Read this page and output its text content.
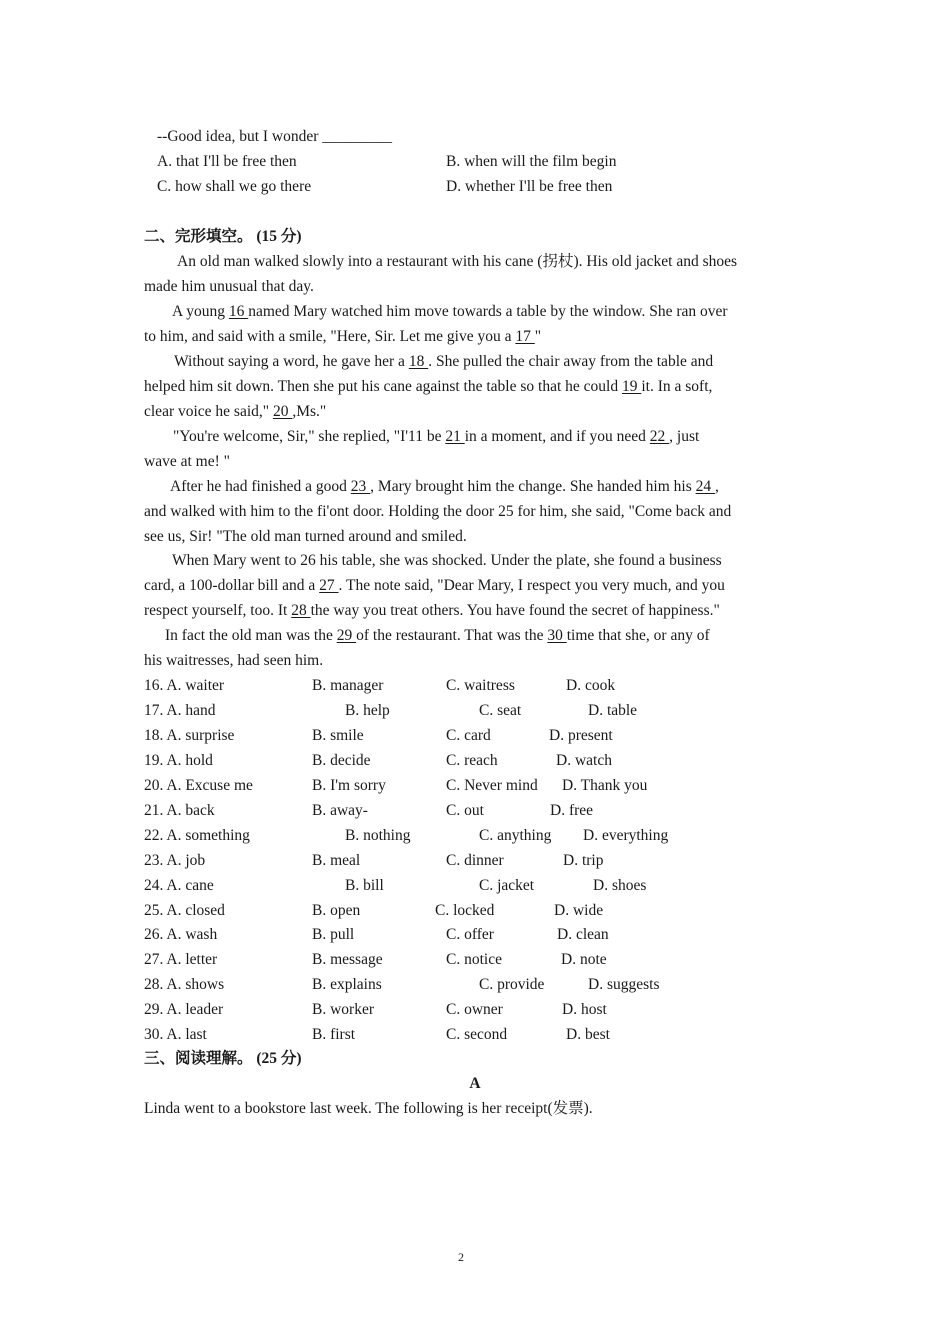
--Good idea, but I wonder _________
A. that I'll be free then	B. when will the film begin
C. how shall we go there	D. whether I'll be free then
二、完形填空。 (15 分)
An old man walked slowly into a restaurant with his cane (拐杖). His old jacket and shoes
made him unusual that day.
A young 16 named Mary watched him move towards a table by the window. She ran over
to him, and said with a smile, "Here, Sir. Let me give you a 17 "
Without saying a word, he gave her a 18 . She pulled the chair away from the table and
helped him sit down. Then she put his cane against the table so that he could 19 it. In a soft,
clear voice he said," 20 ,Ms."
"You're welcome, Sir," she replied, "I'11 be 21 in a moment, and if you need 22 , just
wave at me! "
After he had finished a good 23 , Mary brought him the change. She handed him his 24 ,
and walked with him to the fi'ont door. Holding the door 25 for him, she said, "Come back and
see us, Sir! "The old man turned around and smiled.
When Mary went to 26 his table, she was shocked. Under the plate, she found a business
card, a 100-dollar bill and a 27 . The note said, "Dear Mary, I respect you very much, and you
respect yourself, too. It 28 the way you treat others. You have found the secret of happiness."
In fact the old man was the 29 of the restaurant. That was the 30 time that she, or any of
his waitresses, had seen him.
16. A. waiter	B. manager	C. waitress	D. cook
17. A. hand	B. help	C. seat	D. table
18. A. surprise	B. smile	C. card	D. present
19. A. hold	B. decide	C. reach	D. watch
20. A. Excuse me	B. I'm sorry	C. Never mind D. Thank you
21. A. back	B. away-	C. out	D. free
22. A. something	B. nothing	C. anything D. everything
23. A. job	B. meal	C. dinner	D. trip
24. A. cane	B. bill	C. jacket	D. shoes
25. A. closed	B. open	C. locked	D. wide
26. A. wash	B. pull	C. offer	D. clean
27. A. letter	B. message	C. notice	D. note
28. A. shows	B. explains	C. provide	D. suggests
29. A. leader	B. worker	C. owner	D. host
30. A. last	B. first	C. second	D. best
三、阅读理解。 (25 分)
A
Linda went to a bookstore last week. The following is her receipt(发票).
2
